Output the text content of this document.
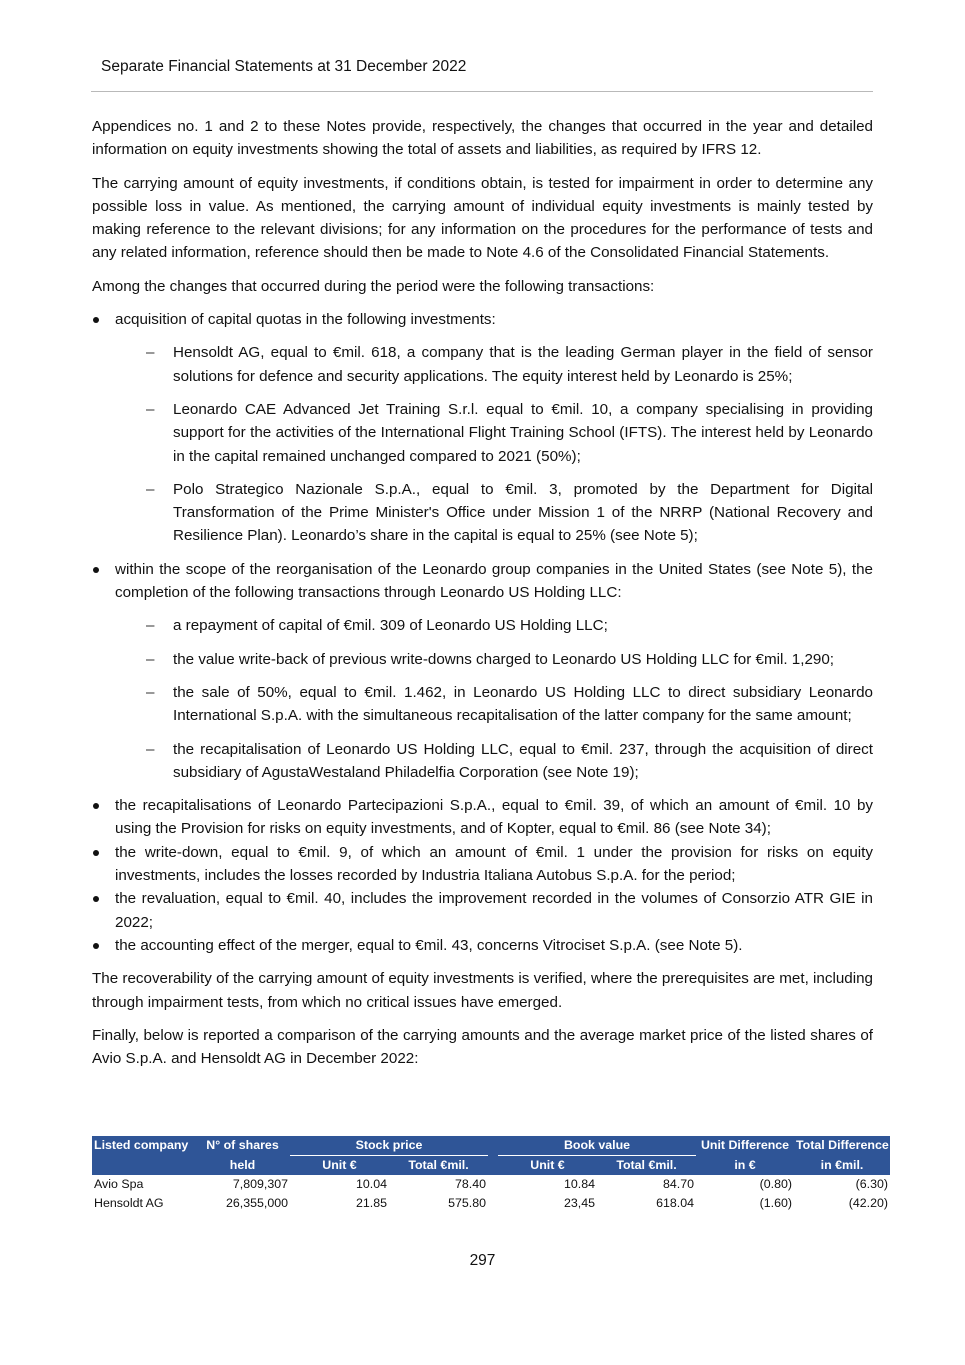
Separate Financial Statements at 31 December 2022

Appendices no. 1 and 2 to these Notes provide, respectively, the changes that occurred in the year and detailed information on equity investments showing the total of assets and liabilities, as required by IFRS 12.

The carrying amount of equity investments, if conditions obtain, is tested for impairment in order to determine any possible loss in value. As mentioned, the carrying amount of individual equity investments is mainly tested by making reference to the relevant divisions; for any information on the procedures for the performance of tests and any related information, reference should then be made to Note 4.6 of the Consolidated Financial Statements.

Among the changes that occurred during the period were the following transactions:

acquisition of capital quotas in the following investments:
– Hensoldt AG, equal to €mil. 618, a company that is the leading German player in the field of sensor solutions for defence and security applications. The equity interest held by Leonardo is 25%;
– Leonardo CAE Advanced Jet Training S.r.l. equal to €mil. 10, a company specialising in providing support for the activities of the International Flight Training School (IFTS). The interest held by Leonardo in the capital remained unchanged compared to 2021 (50%);
– Polo Strategico Nazionale S.p.A., equal to €mil. 3, promoted by the Department for Digital Transformation of the Prime Minister's Office under Mission 1 of the NRRP (National Recovery and Resilience Plan). Leonardo’s share in the capital is equal to 25% (see Note 5);
within the scope of the reorganisation of the Leonardo group companies in the United States (see Note 5), the completion of the following transactions through Leonardo US Holding LLC:
– a repayment of capital of €mil. 309 of Leonardo US Holding LLC;
– the value write-back of previous write-downs charged to Leonardo US Holding LLC for €mil. 1,290;
– the sale of 50%, equal to €mil. 1.462, in Leonardo US Holding LLC to direct subsidiary Leonardo International S.p.A. with the simultaneous recapitalisation of the latter company for the same amount;
– the recapitalisation of Leonardo US Holding LLC, equal to €mil. 237, through the acquisition of direct subsidiary of AgustaWestaland Philadelfia Corporation (see Note 19);
the recapitalisations of Leonardo Partecipazioni S.p.A., equal to €mil. 39, of which an amount of €mil. 10 by using the Provision for risks on equity investments, and of Kopter, equal to €mil. 86 (see Note 34);
the write-down, equal to €mil. 9, of which an amount of €mil. 1 under the provision for risks on equity investments, includes the losses recorded by Industria Italiana Autobus S.p.A. for the period;
the revaluation, equal to €mil. 40, includes the improvement recorded in the volumes of Consorzio ATR GIE in 2022;
the accounting effect of the merger, equal to €mil. 43, concerns Vitrociset S.p.A. (see Note 5).

The recoverability of the carrying amount of equity investments is verified, where the prerequisites are met, including through impairment tests, from which no critical issues have emerged.

Finally, below is reported a comparison of the carrying amounts and the average market price of the listed shares of Avio S.p.A. and Hensoldt AG in December 2022:

Listed company	N° of shares	Stock price			Book value		Unit Difference	Total Difference
	held	Unit €	Total €mil.		Unit €	Total €mil.	in €	in €mil.
Avio Spa	7,809,307	10.04	78.40		10.84	84.70	(0.80)	(6.30)
Hensoldt AG	26,355,000	21.85	575.80		23,45	618.04	(1.60)	(42.20)
297
